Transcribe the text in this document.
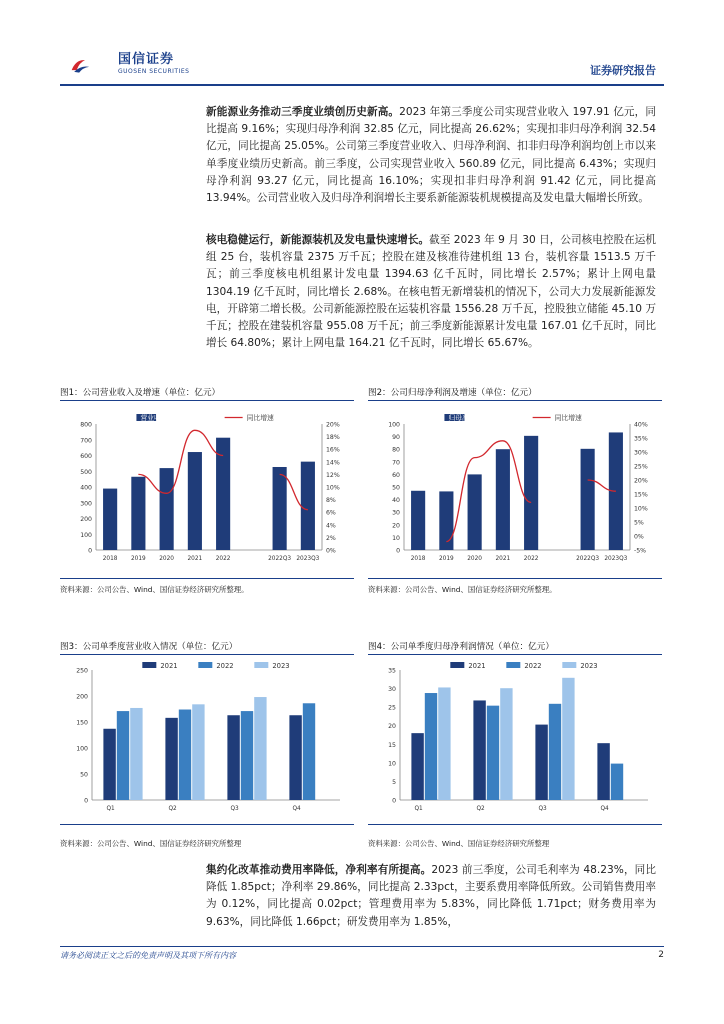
国信证券
GUOSEN SECURITIES	证券研究报告
新能源业务推动三季度业绩创历史新高。2023 年第三季度公司实现营业收入 197.91 亿元，同比提高 9.16%；实现归母净利润 32.85 亿元，同比提高 26.62%；实现扣非归母净利润 32.54 亿元，同比提高 25.05%。公司第三季度营业收入、归母净利润、扣非归母净利润均创上市以来单季度业绩历史新高。前三季度，公司实现营业收入 560.89 亿元，同比提高 6.43%；实现归母净利润 93.27 亿元，同比提高 16.10%；实现扣非归母净利润 91.42 亿元，同比提高 13.94%。公司营业收入及归母净利润增长主要系新能源装机规模提高及发电量大幅增长所致。
核电稳健运行，新能源装机及发电量快速增长。截至 2023 年 9 月 30 日，公司核电控股在运机组 25 台，装机容量 2375 万千瓦；控股在建及核准待建机组 13 台，装机容量 1513.5 万千瓦；前三季度核电机组累计发电量 1394.63 亿千瓦时，同比增长 2.57%；累计上网电量 1304.19 亿千瓦时，同比增长 2.68%。在核电暂无新增装机的情况下，公司大力发展新能源发电，开辟第二增长极。公司新能源控股在运装机容量 1556.28 万千瓦，控股独立储能 45.10 万千瓦；控股在建装机容量 955.08 万千瓦；前三季度新能源累计发电量 167.01 亿千瓦时，同比增长 64.80%；累计上网电量 164.21 亿千瓦时，同比增长 65.67%。
图1：公司营业收入及增速（单位：亿元）
0
100
200
300
400
500
600
700
800
0%
2%
4%
6%
8%
10%
12%
14%
16%
18%
20%
2018 2019 2020 2021 2022	2022Q3 2023Q3
营业收入	同比增速
资料来源：公司公告、Wind、国信证券经济研究所整理。
图2：公司归母净利润及增速（单位：亿元）
0
10
20
30
40
50
60
70
80
90
100
-5%
0%
5%
10%
15%
20%
25%
30%
35%
40%
2018 2019 2020 2021 2022	2022Q3 2023Q3
归母净利润	同比增速
资料来源：公司公告、Wind、国信证券经济研究所整理。
图3：公司单季度营业收入情况（单位：亿元）
0
50
100
150
200
250
Q1	Q2	Q3	Q4
2021	2022	2023
资料来源：公司公告、Wind、国信证券经济研究所整理
图4：公司单季度归母净利润情况（单位：亿元）
0
5
10
15
20
25
30
35
Q1	Q2	Q3	Q4
2021	2022	2023
资料来源：公司公告、Wind、国信证券经济研究所整理
集约化改革推动费用率降低，净利率有所提高。2023 前三季度，公司毛利率为 48.23%，同比降低 1.85pct；净利率 29.86%，同比提高 2.33pct，主要系费用率降低所致。公司销售费用率为 0.12%，同比提高 0.02pct；管理费用率为 5.83%，同比降低 1.71pct；财务费用率为 9.63%，同比降低 1.66pct；研发费用率为 1.85%，
请务必阅读正文之后的免责声明及其项下所有内容	2
